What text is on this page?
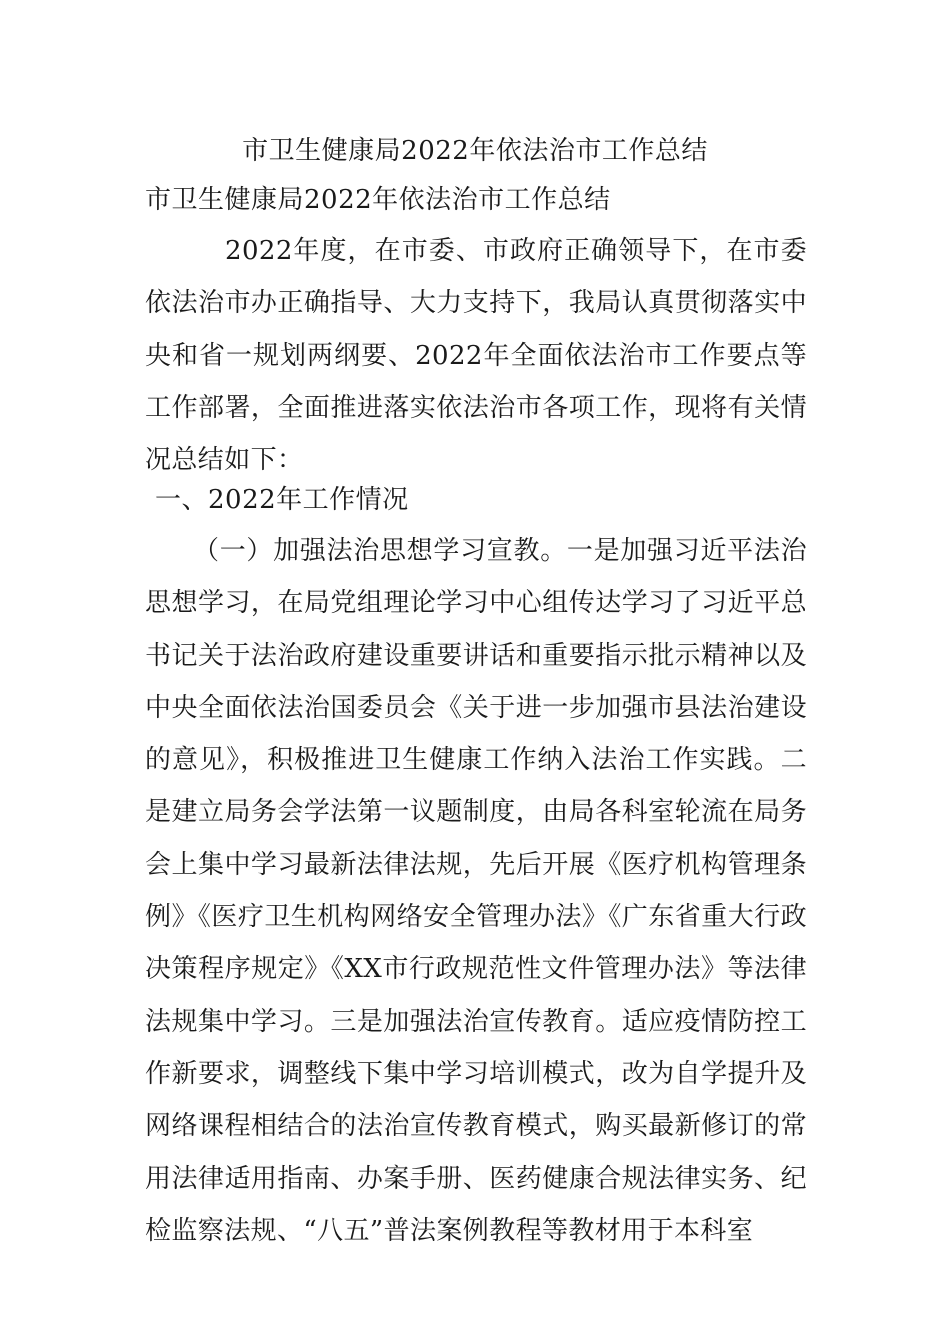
市卫生健康局2022年依法治市工作总结
市卫生健康局2022年依法治市工作总结

2022年度，在市委、市政府正确领导下，在市委依法治市办正确指导、大力支持下，我局认真贯彻落实中央和省一规划两纲要、2022年全面依法治市工作要点等工作部署，全面推进落实依法治市各项工作，现将有关情况总结如下：

一、2022年工作情况

（一）加强法治思想学习宣教。一是加强习近平法治思想学习，在局党组理论学习中心组传达学习了习近平总书记关于法治政府建设重要讲话和重要指示批示精神以及中央全面依法治国委员会《关于进一步加强市县法治建设的意见》，积极推进卫生健康工作纳入法治工作实践。二是建立局务会学法第一议题制度，由局各科室轮流在局务会上集中学习最新法律法规，先后开展《医疗机构管理条例》《医疗卫生机构网络安全管理办法》《广东省重大行政决策程序规定》《XX市行政规范性文件管理办法》等法律法规集中学习。三是加强法治宣传教育。适应疫情防控工作新要求，调整线下集中学习培训模式，改为自学提升及网络课程相结合的法治宣传教育模式，购买最新修订的常用法律适用指南、办案手册、医药健康合规法律实务、纪检监察法规、“八五”普法案例教程等教材用于本科室
